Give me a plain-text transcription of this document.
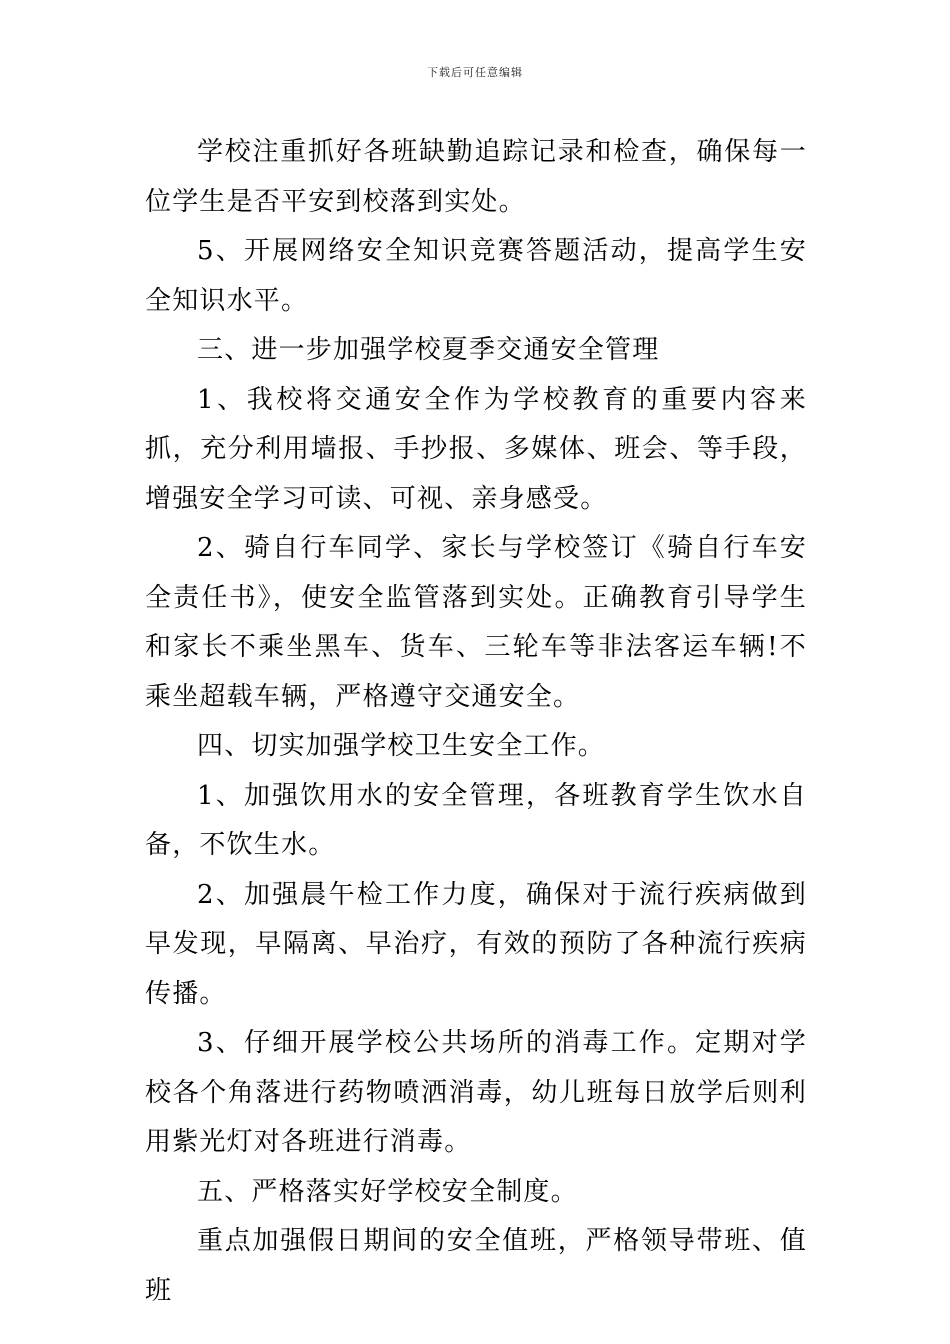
下载后可任意编辑

学校注重抓好各班缺勤追踪记录和检查，确保每一位学生是否平安到校落到实处。

5、开展网络安全知识竞赛答题活动，提高学生安全知识水平。

三、进一步加强学校夏季交通安全管理

1、我校将交通安全作为学校教育的重要内容来抓，充分利用墙报、手抄报、多媒体、班会、等手段，增强安全学习可读、可视、亲身感受。

2、骑自行车同学、家长与学校签订《骑自行车安全责任书》，使安全监管落到实处。正确教育引导学生和家长不乘坐黑车、货车、三轮车等非法客运车辆!不乘坐超载车辆，严格遵守交通安全。

四、切实加强学校卫生安全工作。

1、加强饮用水的安全管理，各班教育学生饮水自备，不饮生水。

2、加强晨午检工作力度，确保对于流行疾病做到早发现，早隔离、早治疗，有效的预防了各种流行疾病传播。

3、仔细开展学校公共场所的消毒工作。定期对学校各个角落进行药物喷洒消毒，幼儿班每日放学后则利用紫光灯对各班进行消毒。

五、严格落实好学校安全制度。

重点加强假日期间的安全值班，严格领导带班、值班
